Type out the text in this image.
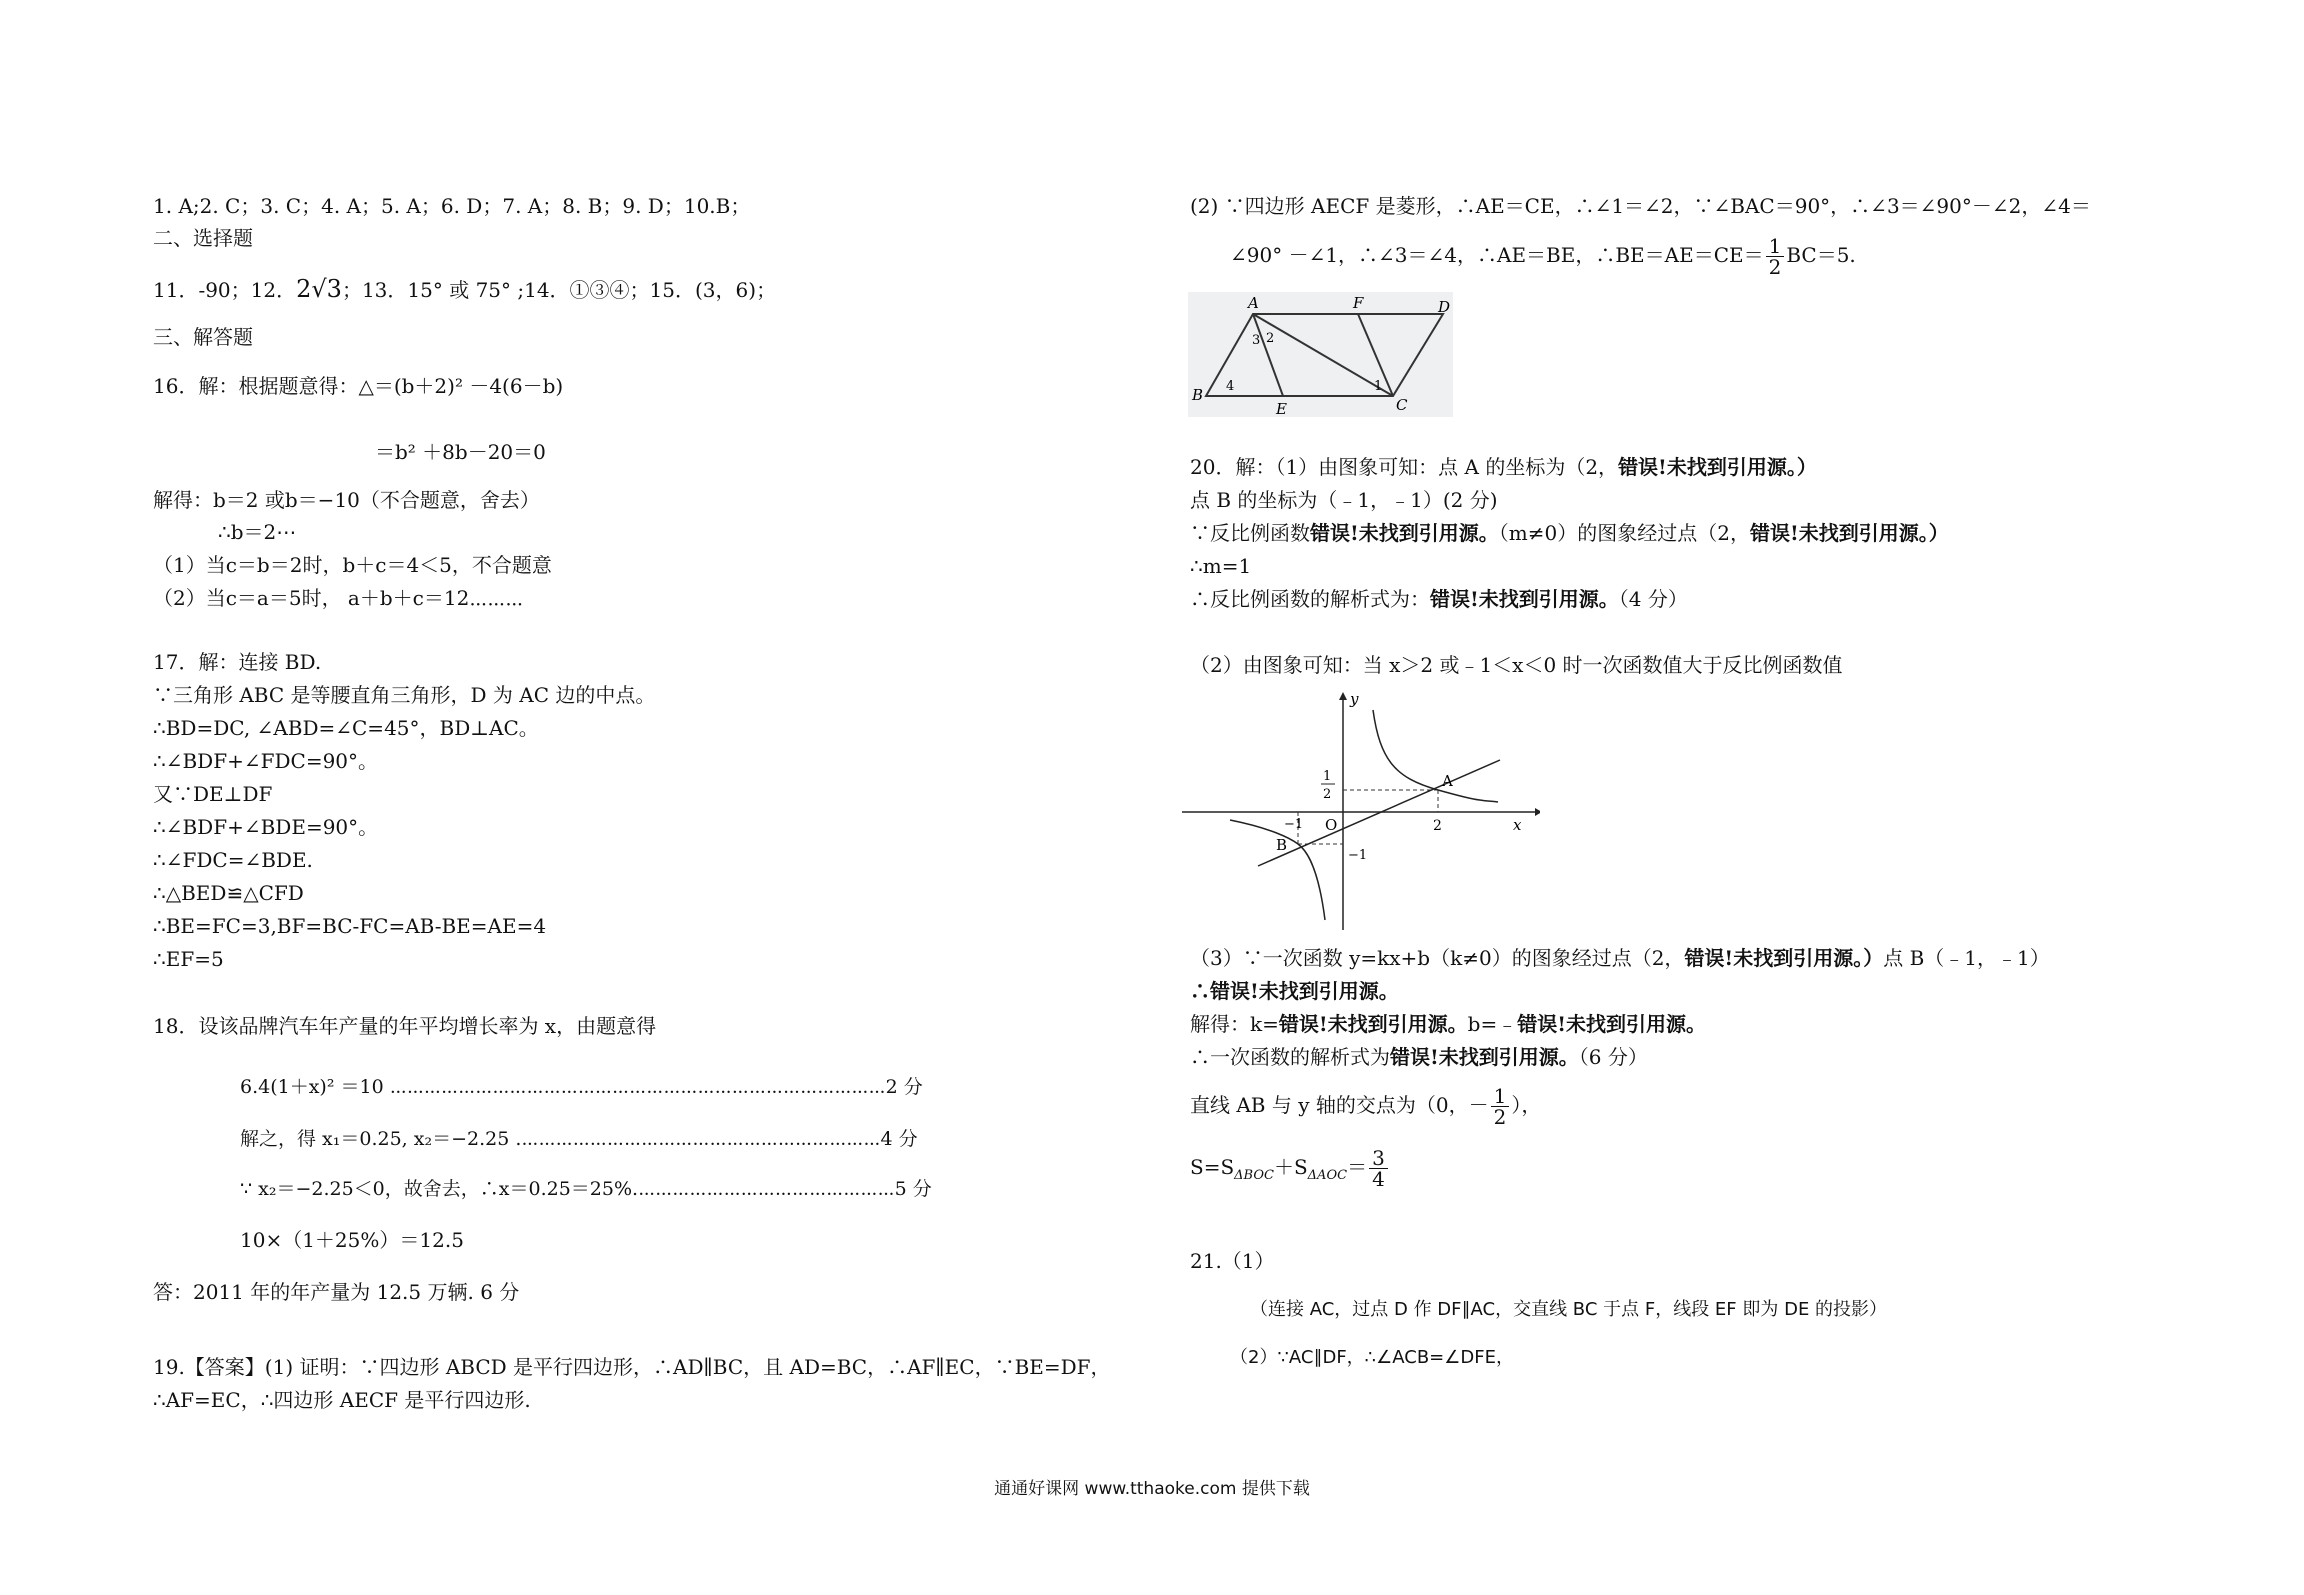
1. A;2. C；3. C；4. A；5. A；6. D；7. A；8. B；9. D；10.B；
二、选择题
11．-90；12．2√3；13．15° 或 75° ;14．①③④；15．(3，6)；
三、解答题
16．解：根据题意得：△＝(b＋2)² －4(6－b)
＝b² ＋8b－20＝0
解得：b＝2 或b＝−10（不合题意，舍去）
∴b＝2⋯
（1）当c＝b＝2时，b＋c＝4＜5，不合题意
（2）当c＝a＝5时， a＋b＋c＝12⋯⋯⋯
17．解：连接 BD.
∵三角形 ABC 是等腰直角三角形，D 为 AC 边的中点。
∴BD=DC, ∠ABD=∠C=45°，BD⊥AC。
∴∠BDF+∠FDC=90°。
又∵DE⊥DF
∴∠BDF+∠BDE=90°。
∴∠FDC=∠BDE.
∴△BED≌△CFD
∴BE=FC=3,BF=BC-FC=AB-BE=AE=4
∴EF=5
18．设该品牌汽车年产量的年平均增长率为 x，由题意得
6.4(1＋x)² ＝10 ⋯⋯⋯⋯⋯⋯⋯⋯⋯⋯⋯⋯⋯⋯⋯⋯⋯⋯⋯⋯⋯⋯⋯⋯⋯⋯⋯⋯⋯2 分
解之，得 x₁＝0.25, x₂＝−2.25 .⋯⋯⋯⋯⋯⋯⋯⋯⋯⋯⋯⋯⋯⋯⋯⋯⋯⋯⋯⋯⋯4 分
∵ x₂＝−2.25＜0，故舍去，∴x＝0.25＝25%.⋯⋯⋯⋯⋯⋯⋯⋯⋯⋯⋯⋯⋯⋯⋯5 分
10×（1＋25%）＝12.5
答：2011 年的年产量为 12.5 万辆. 6 分
19.【答案】(1) 证明：∵四边形 ABCD 是平行四边形，∴AD∥BC，且 AD=BC，∴AF∥EC，∵BE=DF，
∴AF=EC，∴四边形 AECF 是平行四边形.
(2) ∵四边形 AECF 是菱形，∴AE＝CE，∴∠1＝∠2，∵∠BAC＝90°，∴∠3＝∠90°－∠2，∠4＝
∠90° －∠1，∴∠3＝∠4，∴AE＝BE，∴BE＝AE＝CE＝ $\frac{1}{2} BC=5$.
A	F	D
B
E	C
3 2
4	1
20．解：（1）由图象可知：点 A 的坐标为（2，错误!未找到引用源。）
点 B 的坐标为（﹣1，﹣1）(2 分)
∵反比例函数错误!未找到引用源。（m≠0）的图象经过点（2，错误!未找到引用源。）
∴m=1
∴反比例函数的解析式为：错误!未找到引用源。（4 分）
（2）由图象可知：当 x＞2 或﹣1＜x＜0 时一次函数值大于反比例函数值
y
x
O
A
B
1
2
2
−1
−1
（3）∵一次函数 y=kx+b（k≠0）的图象经过点（2，错误!未找到引用源。）点 B（﹣1，﹣1）
∴错误!未找到引用源。
解得：k=错误!未找到引用源。b=﹣错误!未找到引用源。
∴一次函数的解析式为错误!未找到引用源。（6 分）
直线 AB 与 y 轴的交点为（0，－ $\frac{1}{2}$ ），
$S=S_{\Delta BOC}+S_{\Delta AOC}= \frac{3}{4}$
21.（1）
（连接 AC，过点 D 作 DF∥AC，交直线 BC 于点 F，线段 EF 即为 DE 的投影）
（2）∵AC∥DF，∴∠ACB=∠DFE，
通通好课网 www.tthaoke.com 提供下载
